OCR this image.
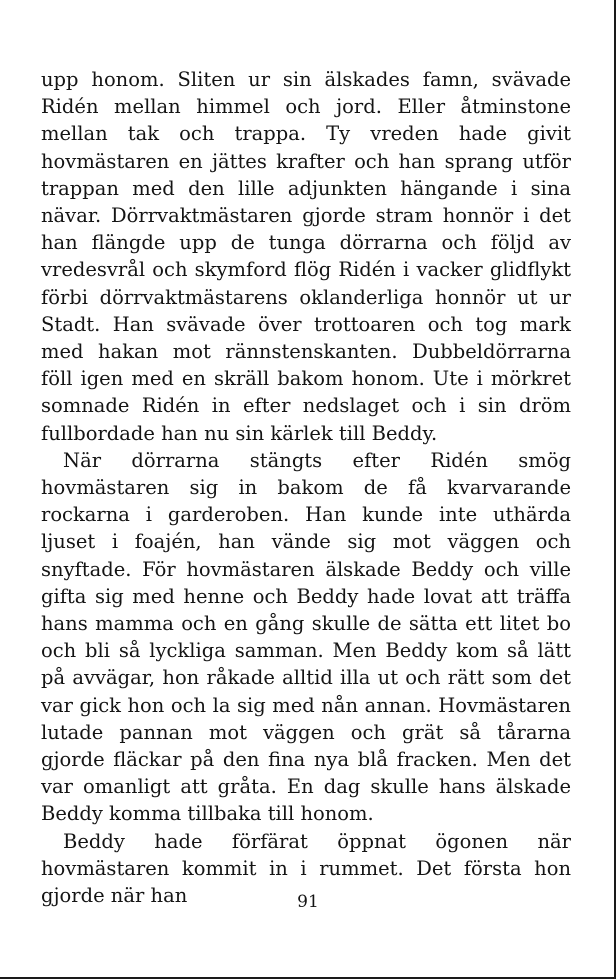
upp honom. Sliten ur sin älskades famn, svävade Ridén mellan himmel och jord. Eller åtminstone mellan tak och trappa. Ty vreden hade givit hovmästaren en jättes krafter och han sprang utför trappan med den lille adjunkten hängande i sina nävar. Dörrvaktmästaren gjorde stram honnör i det han flängde upp de tunga dörrarna och följd av vredesvrål och skymford flög Ridén i vacker glidflykt förbi dörrvaktmästarens oklanderliga honnör ut ur Stadt. Han svävade över trottoaren och tog mark med hakan mot rännstenskanten. Dubbeldörrarna föll igen med en skräll bakom honom. Ute i mörkret somnade Ridén in efter nedslaget och i sin dröm fullbordade han nu sin kärlek till Beddy.

När dörrarna stängts efter Ridén smög hovmästaren sig in bakom de få kvarvarande rockarna i garderoben. Han kunde inte uthärda ljuset i foajén, han vände sig mot väggen och snyftade. För hovmästaren älskade Beddy och ville gifta sig med henne och Beddy hade lovat att träffa hans mamma och en gång skulle de sätta ett litet bo och bli så lyckliga samman. Men Beddy kom så lätt på avvägar, hon råkade alltid illa ut och rätt som det var gick hon och la sig med nån annan. Hovmästaren lutade pannan mot väggen och grät så tårarna gjorde fläckar på den fina nya blå fracken. Men det var omanligt att gråta. En dag skulle hans älskade Beddy komma tillbaka till honom.

Beddy hade förfärat öppnat ögonen när hovmästaren kommit in i rummet. Det första hon gjorde när han	91
